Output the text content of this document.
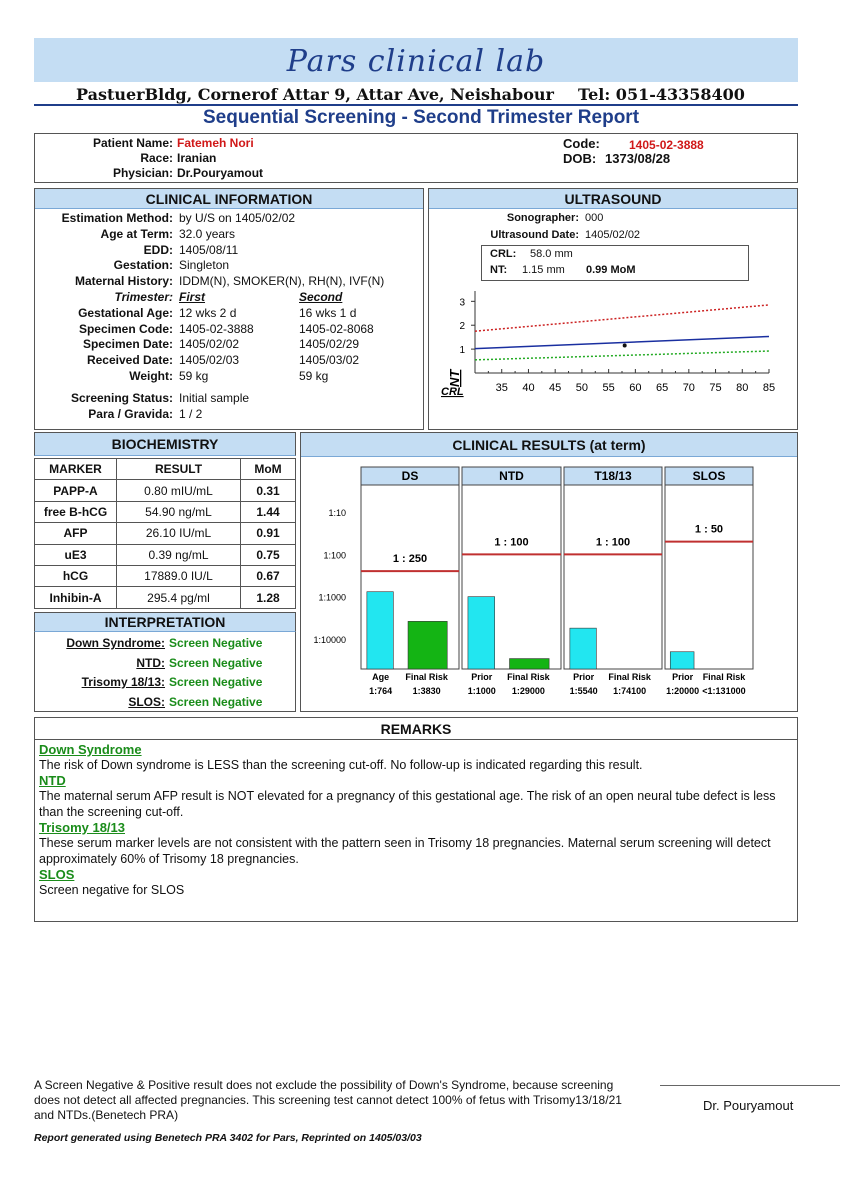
Pars clinical lab
PastuerBldg, Cornerof Attar 9, Attar Ave, Neishabour Tel: 051-43358400
Sequential Screening - Second Trimester Report
Patient Name: Fatemeh Nori
Race: Iranian
Physician: Dr.Pouryamout
Code: 1405-02-3888
DOB: 1373/08/28
CLINICAL INFORMATION
Estimation Method: by U/S on 1405/02/02
Age at Term: 32.0 years
EDD: 1405/08/11
Gestation: Singleton
Maternal History: IDDM(N), SMOKER(N), RH(N), IVF(N)
Trimester: First	Second
Gestational Age: 12 wks 2 d	16 wks 1 d
Specimen Code: 1405-02-3888	1405-02-8068
Specimen Date: 1405/02/02	1405/02/29
Received Date: 1405/02/03	1405/03/02
Weight: 59 kg	59 kg
Screening Status: Initial sample
Para / Gravida: 1 / 2
ULTRASOUND
Sonographer: 000
Ultrasound Date: 1405/02/02
CRL: 58.0 mm
NT: 1.15 mm 0.99 MoM
1
2
3
35 40 45 50 55 60 65 70 75 80 85
CRL
NT
BIOCHEMISTRY
MARKER	RESULT	MoM
PAPP-A	0.80 mIU/mL	0.31
free B-hCG	54.90 ng/mL	1.44
AFP	26.10 IU/mL	0.91
uE3	0.39 ng/mL	0.75
hCG	17889.0 IU/L	0.67
Inhibin-A	295.4 pg/ml	1.28
INTERPRETATION
Down Syndrome: Screen Negative
NTD: Screen Negative
Trisomy 18/13: Screen Negative
SLOS: Screen Negative
CLINICAL RESULTS (at term)
1:10
1:100
1:1000
1:10000
DS
1 : 250
Age
1:764
Final Risk
1:3830
NTD
1 : 100
Prior
1:1000
Final Risk
1:29000
T18/13
1 : 100
Prior
1:5540
Final Risk
1:74100
SLOS
1 : 50
Prior
1:20000
Final Risk
<1:131000
REMARKS
Down Syndrome
The risk of Down syndrome is LESS than the screening cut-off. No follow-up is indicated regarding this result.
NTD
The maternal serum AFP result is NOT elevated for a pregnancy of this gestational age. The risk of an open neural tube defect is less than the screening cut-off.
Trisomy 18/13
These serum marker levels are not consistent with the pattern seen in Trisomy 18 pregnancies. Maternal serum screening will detect approximately 60% of Trisomy 18 pregnancies.
SLOS
Screen negative for SLOS
A Screen Negative & Positive result does not exclude the possibility of Down's Syndrome, because screening does not detect all affected pregnancies. This screening test cannot detect 100% of fetus with Trisomy13/18/21 and NTDs.(Benetech PRA)
Report generated using Benetech PRA 3402 for Pars, Reprinted on 1405/03/03
Dr. Pouryamout
